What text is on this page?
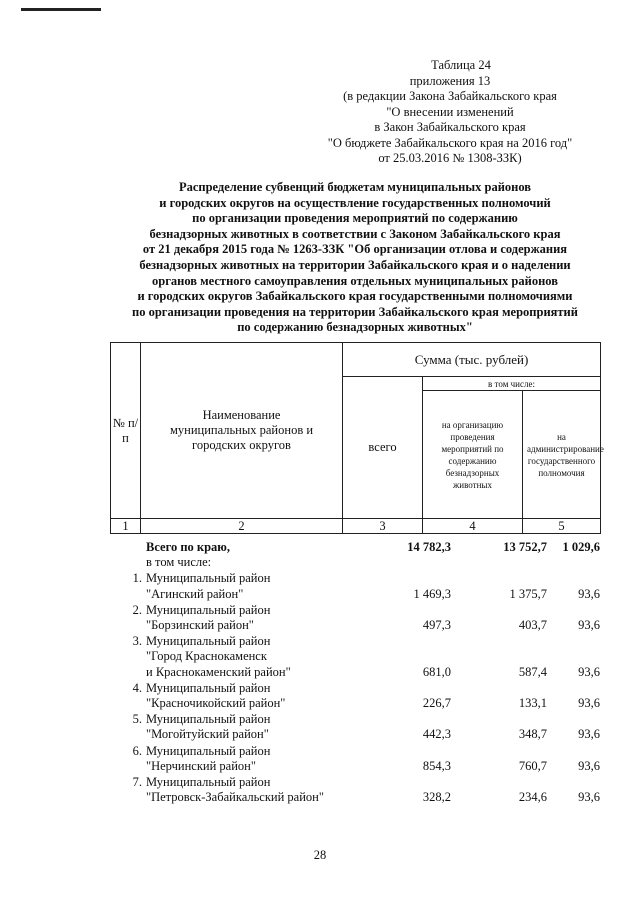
Таблица 24
приложения 13
(в редакции Закона Забайкальского края
"О внесении изменений
в Закон Забайкальского края
"О бюджете Забайкальского края на 2016 год"
от 25.03.2016 № 1308-ЗЗК)
Распределение субвенций бюджетам муниципальных районов
и городских округов на осуществление государственных полномочий
по организации проведения мероприятий по содержанию
безнадзорных животных в соответствии с Законом Забайкальского края
от 21 декабря 2015 года № 1263-ЗЗК "Об организации отлова и содержания
безнадзорных животных на территории Забайкальского края и о наделении
органов местного самоуправления отдельных муниципальных районов
и городских округов Забайкальского края государственными полномочиями
по организации проведения на территории Забайкальского края мероприятий
по содержанию безнадзорных животных"
№ п/п	Наименование муниципальных районов и городских округов	Сумма (тыс. рублей)		
		всего	в том числе:	
			на организацию проведения мероприятий по содержанию безнадзорных животных	на администрирование государственного полномочия
1	2	3	4	5
Всего по краю,
в том числе:
14 782,3	13 752,7	1 029,6
1. Муниципальный район
"Агинский район"	1 469,3	1 375,7	93,6
2. Муниципальный район
"Борзинский район"	497,3	403,7	93,6
3. Муниципальный район
"Город Краснокаменск
и Краснокаменский район"	681,0	587,4	93,6
4. Муниципальный район
"Красночикойский район"	226,7	133,1	93,6
5. Муниципальный район
"Могойтуйский район"	442,3	348,7	93,6
6. Муниципальный район
"Нерчинский район"	854,3	760,7	93,6
7. Муниципальный район
"Петровск-Забайкальский район"	328,2	234,6	93,6
28
